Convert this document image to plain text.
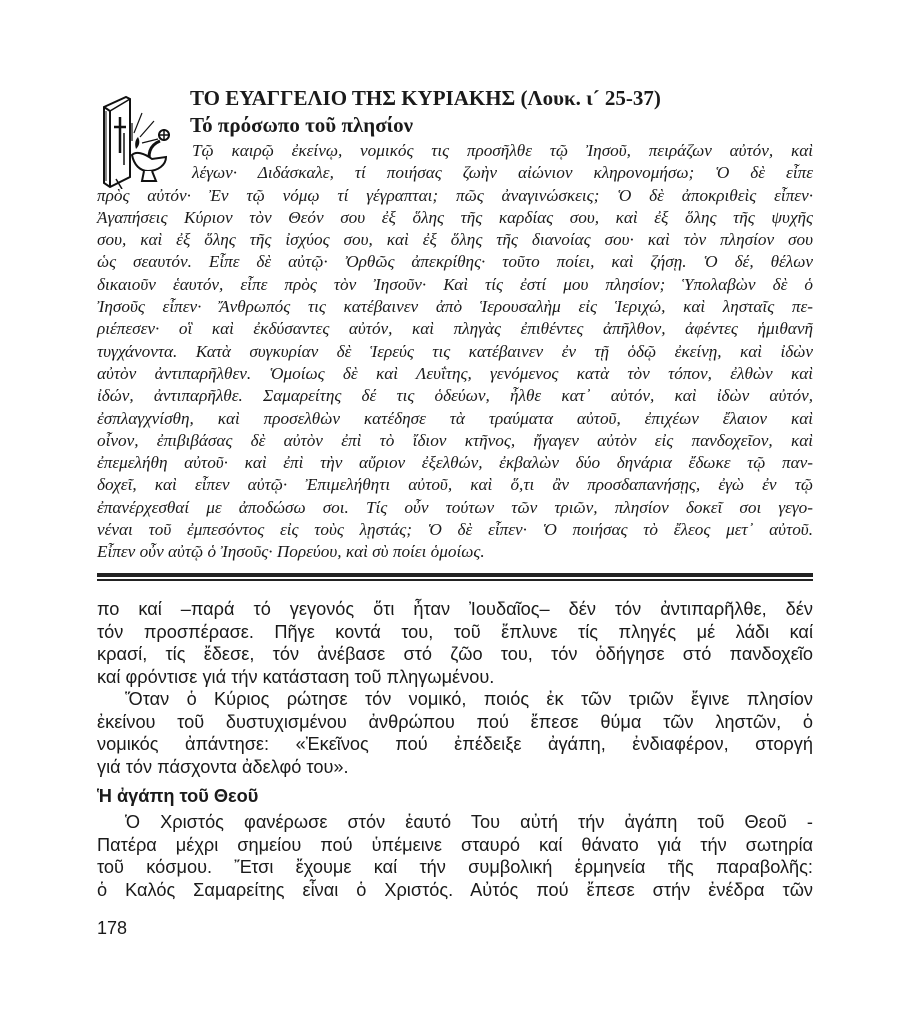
ΤΟ ΕΥΑΓΓΕΛΙΟ ΤΗΣ ΚΥΡΙΑΚΗΣ (Λουκ. ι´ 25-37)
Τό πρόσωπο τοῦ πλησίον
Τῷ καιρῷ ἐκείνῳ, νομικός τις προσῆλθε τῷ Ἰησοῦ, πειράζων αὐτόν, καὶ
λέγων· Διδάσκαλε, τί ποιήσας ζωὴν αἰώνιον κληρονομήσω; Ὁ δὲ εἶπε
πρὸς αὐτόν· Ἐν τῷ νόμῳ τί γέγραπται; πῶς ἀναγινώσκεις; Ὁ δὲ ἀποκριθεὶς εἶπεν·
Ἀγαπήσεις Κύριον τὸν Θεόν σου ἐξ ὅλης τῆς καρδίας σου, καὶ ἐξ ὅλης τῆς ψυχῆς
σου, καὶ ἐξ ὅλης τῆς ἰσχύος σου, καὶ ἐξ ὅλης τῆς διανοίας σου· καὶ τὸν πλησίον σου
ὡς σεαυτόν. Εἶπε δὲ αὐτῷ· Ὀρθῶς ἀπεκρίθης· τοῦτο ποίει, καὶ ζήσῃ. Ὁ δέ, θέλων
δικαιοῦν ἑαυτόν, εἶπε πρὸς τὸν Ἰησοῦν· Καὶ τίς ἐστί μου πλησίον; Ὑπολαβὼν δὲ ὁ
Ἰησοῦς εἶπεν· Ἄνθρωπός τις κατέβαινεν ἀπὸ Ἱερουσαλὴμ εἰς Ἱεριχώ, καὶ λησταῖς πε-
ριέπεσεν· οἳ καὶ ἐκδύσαντες αὐτόν, καὶ πληγὰς ἐπιθέντες ἀπῆλθον, ἀφέντες ἡμιθανῆ
τυγχάνοντα. Κατὰ συγκυρίαν δὲ Ἱερεύς τις κατέβαινεν ἐν τῇ ὁδῷ ἐκείνῃ, καὶ ἰδὼν
αὐτὸν ἀντιπαρῆλθεν. Ὁμοίως δὲ καὶ Λευΐτης, γενόμενος κατὰ τὸν τόπον, ἐλθὼν καὶ
ἰδών, ἀντιπαρῆλθε. Σαμαρείτης δέ τις ὁδεύων, ἦλθε κατ᾽ αὐτόν, καὶ ἰδὼν αὐτόν,
ἐσπλαγχνίσθη, καὶ προσελθὼν κατέδησε τὰ τραύματα αὐτοῦ, ἐπιχέων ἔλαιον καὶ
οἶνον, ἐπιβιβάσας δὲ αὐτὸν ἐπὶ τὸ ἴδιον κτῆνος, ἤγαγεν αὐτὸν εἰς πανδοχεῖον, καὶ
ἐπεμελήθη αὐτοῦ· καὶ ἐπὶ τὴν αὔριον ἐξελθών, ἐκβαλὼν δύο δηνάρια ἔδωκε τῷ παν-
δοχεῖ, καὶ εἶπεν αὐτῷ· Ἐπιμελήθητι αὐτοῦ, καὶ ὅ,τι ἂν προσδαπανήσῃς, ἐγὼ ἐν τῷ
ἐπανέρχεσθαί με ἀποδώσω σοι. Τίς οὖν τούτων τῶν τριῶν, πλησίον δοκεῖ σοι γεγο-
νέναι τοῦ ἐμπεσόντος εἰς τοὺς λῃστάς; Ὁ δὲ εἶπεν· Ὁ ποιήσας τὸ ἔλεος μετ᾽ αὐτοῦ.
Εἶπεν οὖν αὐτῷ ὁ Ἰησοῦς· Πορεύου, καὶ σὺ ποίει ὁμοίως.
πο καί –παρά τό γεγονός ὅτι ἦταν Ἰουδαῖος– δέν τόν ἀντιπαρῆλθε, δέν
τόν προσπέρασε. Πῆγε κοντά του, τοῦ ἔπλυνε τίς πληγές μέ λάδι καί
κρασί, τίς ἔδεσε, τόν ἀνέβασε στό ζῶο του, τόν ὁδήγησε στό πανδοχεῖο
καί φρόντισε γιά τήν κατάσταση τοῦ πληγωμένου.
Ὅταν ὁ Κύριος ρώτησε τόν νομικό, ποιός ἐκ τῶν τριῶν ἔγινε πλησίον
ἐκείνου τοῦ δυστυχισμένου ἀνθρώπου πού ἔπεσε θύμα τῶν ληστῶν, ὁ
νομικός ἀπάντησε: «Ἐκεῖνος πού ἐπέδειξε ἀγάπη, ἐνδιαφέρον, στοργή
γιά τόν πάσχοντα ἀδελφό του».
Ἡ ἀγάπη τοῦ Θεοῦ
Ὁ Χριστός φανέρωσε στόν ἑαυτό Του αὐτή τήν ἀγάπη τοῦ Θεοῦ -
Πατέρα μέχρι σημείου πού ὑπέμεινε σταυρό καί θάνατο γιά τήν σωτηρία
τοῦ κόσμου. Ἔτσι ἔχουμε καί τήν συμβολική ἑρμηνεία τῆς παραβολῆς:
ὁ Καλός Σαμαρείτης εἶναι ὁ Χριστός. Αὐτός πού ἔπεσε στήν ἐνέδρα τῶν
178
